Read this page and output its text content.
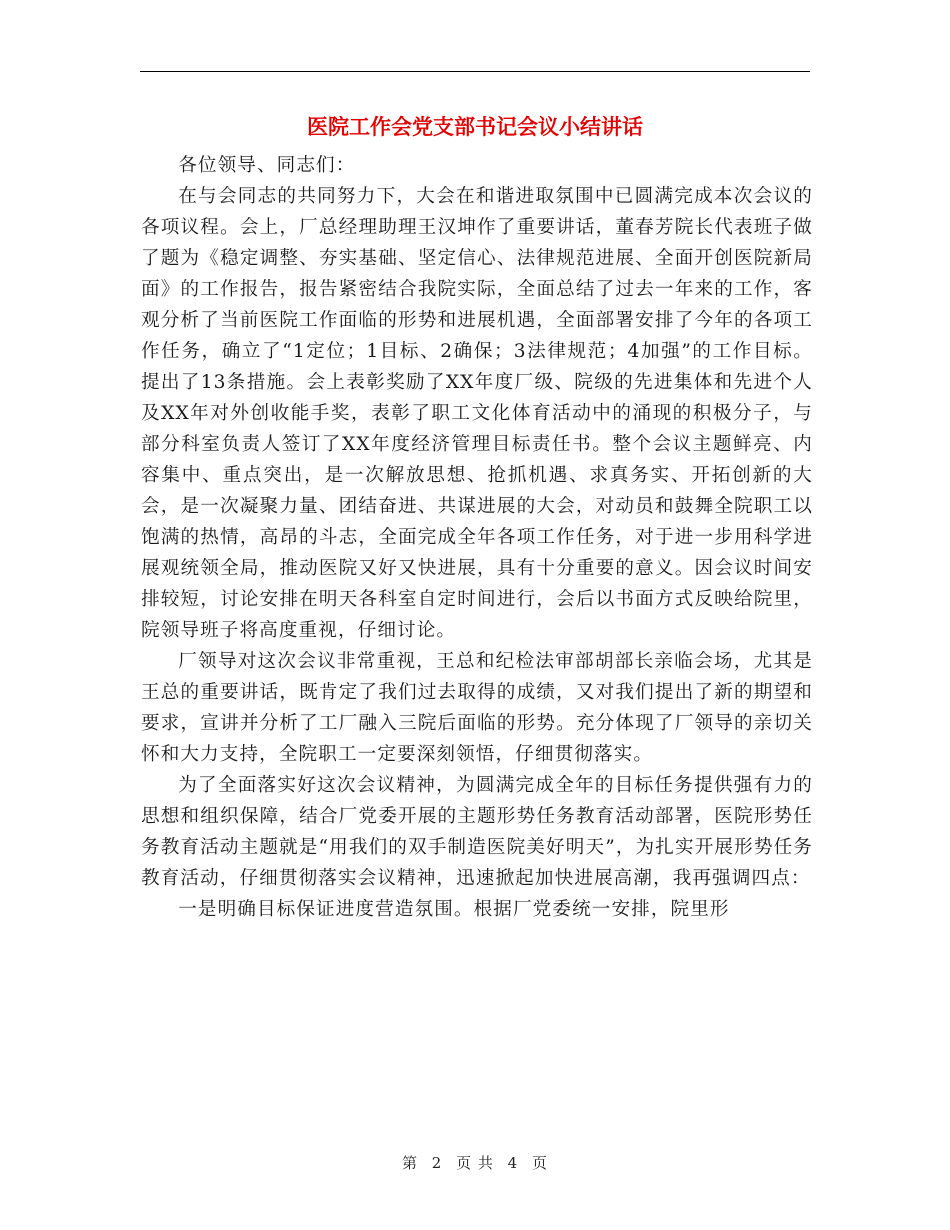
医院工作会党支部书记会议小结讲话

各位领导、同志们：

在与会同志的共同努力下，大会在和谐进取氛围中已圆满完成本次会议的各项议程。会上，厂总经理助理王汉坤作了重要讲话，董春芳院长代表班子做了题为《稳定调整、夯实基础、坚定信心、法律规范进展、全面开创医院新局面》的工作报告，报告紧密结合我院实际，全面总结了过去一年来的工作，客观分析了当前医院工作面临的形势和进展机遇，全面部署安排了今年的各项工作任务，确立了“1定位；1目标、2确保；3法律规范；4加强”的工作目标。提出了13条措施。会上表彰奖励了XX年度厂级、院级的先进集体和先进个人及XX年对外创收能手奖，表彰了职工文化体育活动中的涌现的积极分子，与部分科室负责人签订了XX年度经济管理目标责任书。整个会议主题鲜亮、内容集中、重点突出，是一次解放思想、抢抓机遇、求真务实、开拓创新的大会，是一次凝聚力量、团结奋进、共谋进展的大会，对动员和鼓舞全院职工以饱满的热情，高昂的斗志，全面完成全年各项工作任务，对于进一步用科学进展观统领全局，推动医院又好又快进展，具有十分重要的意义。因会议时间安排较短，讨论安排在明天各科室自定时间进行，会后以书面方式反映给院里，院领导班子将高度重视，仔细讨论。

厂领导对这次会议非常重视，王总和纪检法审部胡部长亲临会场，尤其是王总的重要讲话，既肯定了我们过去取得的成绩，又对我们提出了新的期望和要求，宣讲并分析了工厂融入三院后面临的形势。充分体现了厂领导的亲切关怀和大力支持，全院职工一定要深刻领悟，仔细贯彻落实。

为了全面落实好这次会议精神，为圆满完成全年的目标任务提供强有力的思想和组织保障，结合厂党委开展的主题形势任务教育活动部署，医院形势任务教育活动主题就是“用我们的双手制造医院美好明天”，为扎实开展形势任务教育活动，仔细贯彻落实会议精神，迅速掀起加快进展高潮，我再强调四点：

一是明确目标保证进度营造氛围。根据厂党委统一安排，院里形

第 2 页 共 4 页
